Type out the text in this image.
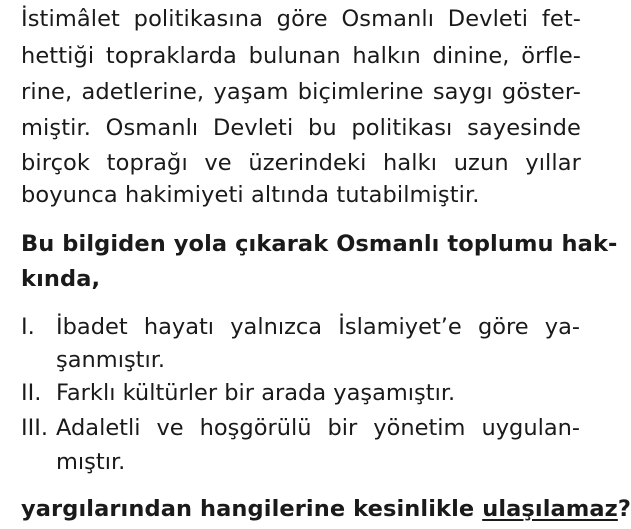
İstimâlet politikasına göre Osmanlı Devleti fet-
hettiği topraklarda bulunan halkın dinine, örfle-
rine, adetlerine, yaşam biçimlerine saygı göster-
miştir. Osmanlı Devleti bu politikası sayesinde
birçok toprağı ve üzerindeki halkı uzun yıllar
boyunca hakimiyeti altında tutabilmiştir.
Bu bilgiden yola çıkarak Osmanlı toplumu hak-
kında,
I. İbadet hayatı yalnızca İslamiyet’e göre ya-
şanmıştır.
II. Farklı kültürler bir arada yaşamıştır.
III. Adaletli ve hoşgörülü bir yönetim uygulan-
mıştır.
yargılarından hangilerine kesinlikle ulaşılamaz?
